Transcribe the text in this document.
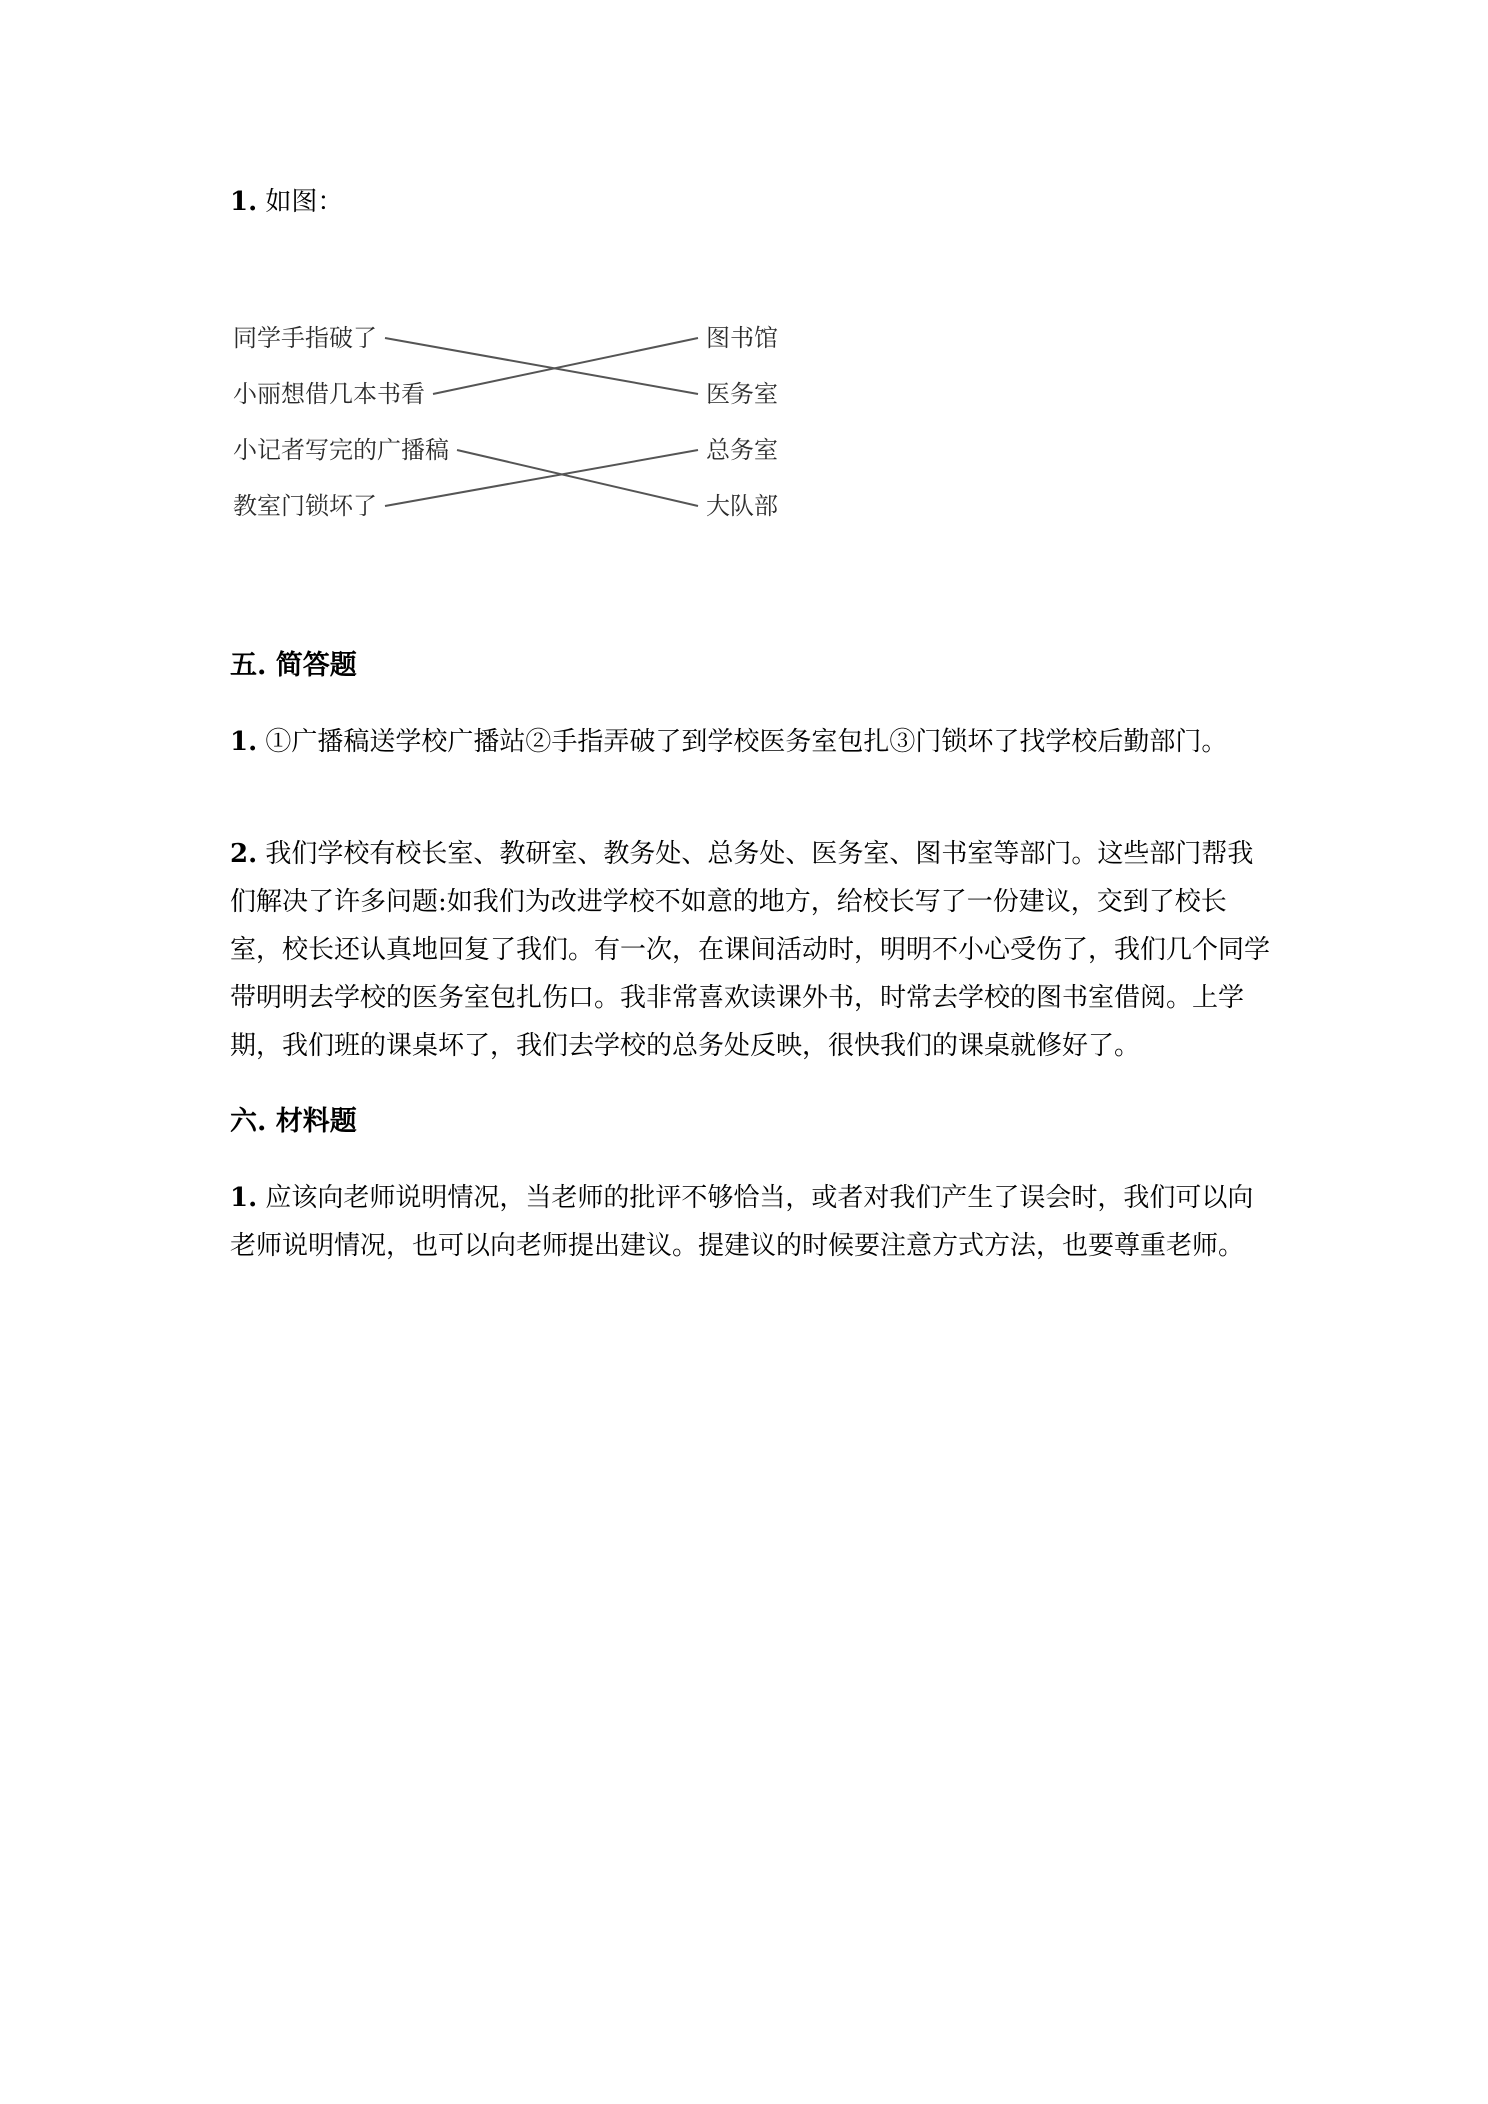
1. 如图：

同学手指破了
小丽想借几本书看
小记者写完的广播稿
教室门锁坏了
图书馆
医务室
总务室
大队部
五. 简答题

1. ①广播稿送学校广播站②手指弄破了到学校医务室包扎③门锁坏了找学校后勤部门。

2. 我们学校有校长室、教研室、教务处、总务处、医务室、图书室等部门。这些部门帮我们解决了许多问题:如我们为改进学校不如意的地方，给校长写了一份建议，交到了校长室，校长还认真地回复了我们。有一次，在课间活动时，明明不小心受伤了，我们几个同学带明明去学校的医务室包扎伤口。我非常喜欢读课外书，时常去学校的图书室借阅。上学期，我们班的课桌坏了，我们去学校的总务处反映，很快我们的课桌就修好了。

六. 材料题

1. 应该向老师说明情况，当老师的批评不够恰当，或者对我们产生了误会时，我们可以向老师说明情况，也可以向老师提出建议。提建议的时候要注意方式方法，也要尊重老师。
